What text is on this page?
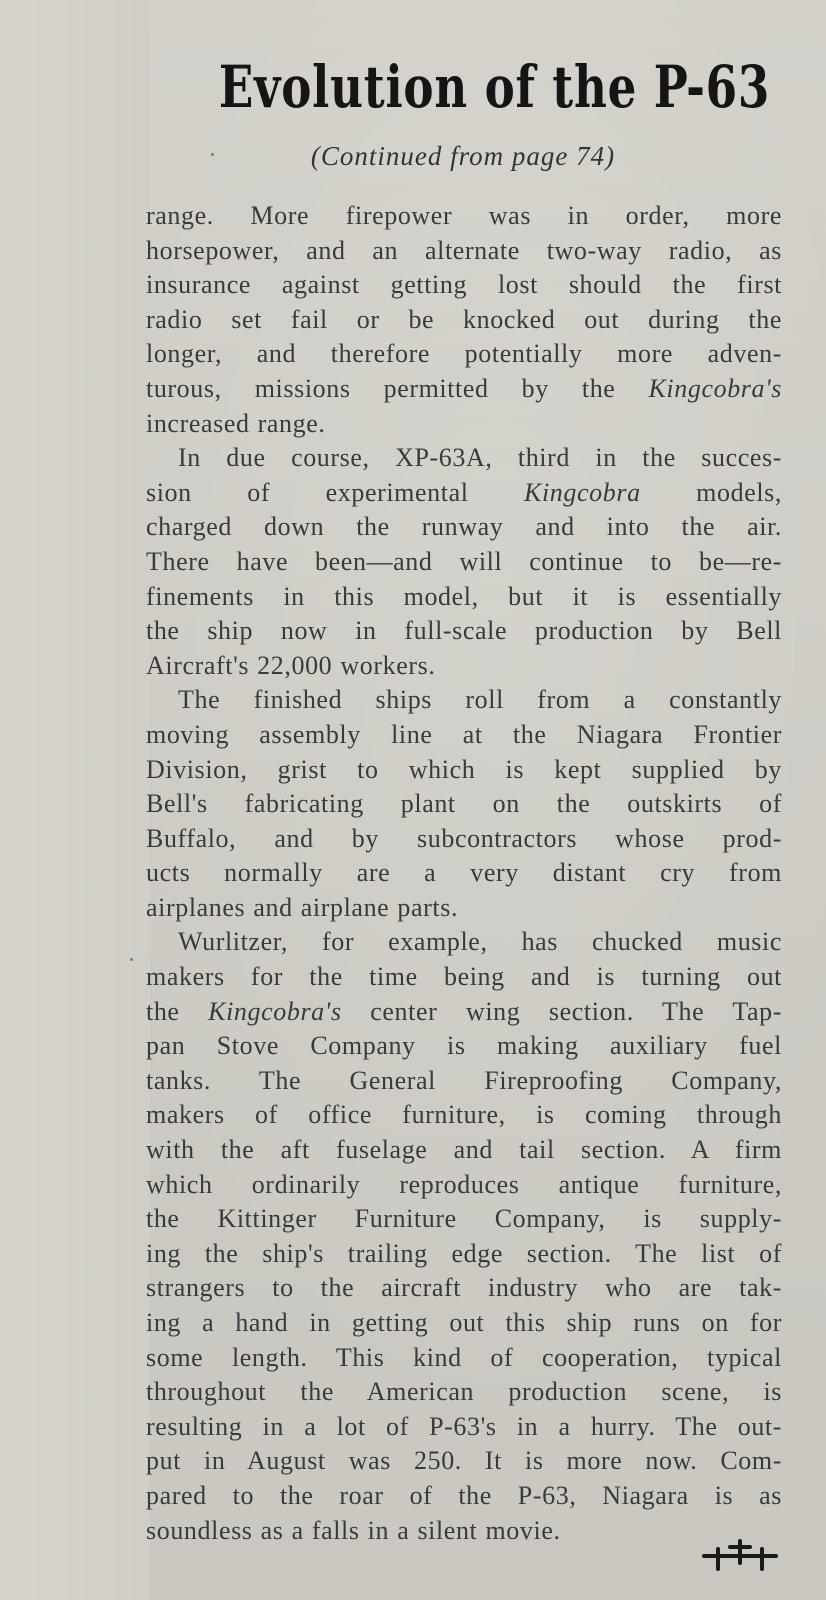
Evolution of the P-63
(Continued from page 74)
range. More firepower was in order, more
horsepower, and an alternate two-way radio, as
insurance against getting lost should the first
radio set fail or be knocked out during the
longer, and therefore potentially more adven-
turous, missions permitted by the Kingcobra's
increased range.
In due course, XP-63A, third in the succes-
sion of experimental Kingcobra models,
charged down the runway and into the air.
There have been—and will continue to be—re-
finements in this model, but it is essentially
the ship now in full-scale production by Bell
Aircraft's 22,000 workers.
The finished ships roll from a constantly
moving assembly line at the Niagara Frontier
Division, grist to which is kept supplied by
Bell's fabricating plant on the outskirts of
Buffalo, and by subcontractors whose prod-
ucts normally are a very distant cry from
airplanes and airplane parts.
Wurlitzer, for example, has chucked music
makers for the time being and is turning out
the Kingcobra's center wing section. The Tap-
pan Stove Company is making auxiliary fuel
tanks. The General Fireproofing Company,
makers of office furniture, is coming through
with the aft fuselage and tail section. A firm
which ordinarily reproduces antique furniture,
the Kittinger Furniture Company, is supply-
ing the ship's trailing edge section. The list of
strangers to the aircraft industry who are tak-
ing a hand in getting out this ship runs on for
some length. This kind of cooperation, typical
throughout the American production scene, is
resulting in a lot of P-63's in a hurry. The out-
put in August was 250. It is more now. Com-
pared to the roar of the P-63, Niagara is as
soundless as a falls in a silent movie.
